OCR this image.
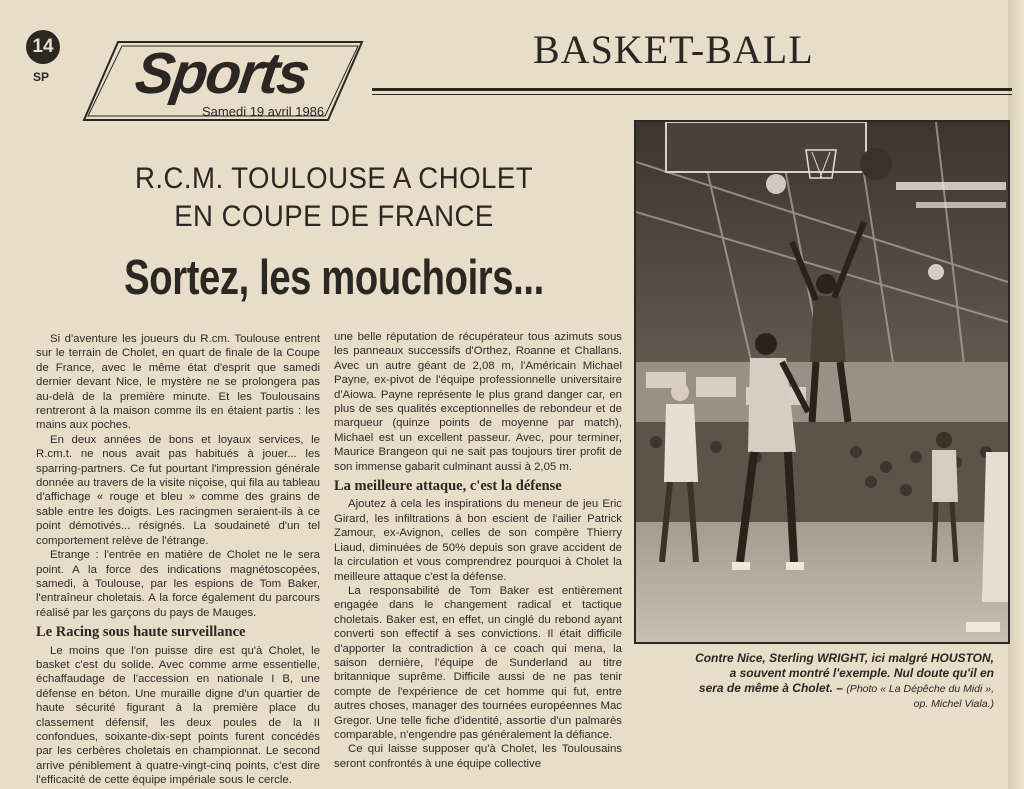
14
SP Sports
Samedi 19 avril 1986
BASKET-BALL
R.C.M. TOULOUSE A CHOLET
EN COUPE DE FRANCE
Sortez, les mouchoirs...

Si d'aventure les joueurs du R.cm. Toulouse entrent sur le terrain de Cholet, en quart de finale de la Coupe de France, avec le même état d'esprit que samedi dernier devant Nice, le mystère ne se prolongera pas au-delà de la première minute. Et les Toulousains rentreront à la maison comme ils en étaient partis : les mains aux poches.

En deux années de bons et loyaux services, le R.cm.t. ne nous avait pas habitués à jouer... les sparring-partners. Ce fut pourtant l'impression générale donnée au travers de la visite niçoise, qui fila au tableau d'affichage « rouge et bleu » comme des grains de sable entre les doigts. Les racingmen seraient-ils à ce point démotivés... résignés. La soudaineté d'un tel comportement relève de l'étrange.

Etrange : l'entrée en matière de Cholet ne le sera point. A la force des indications magnétoscopées, samedi, à Toulouse, par les espions de Tom Baker, l'entraîneur choletais. A la force également du parcours réalisé par les garçons du pays de Mauges.

Le Racing sous haute surveillance

Le moins que l'on puisse dire est qu'à Cholet, le basket c'est du solide. Avec comme arme essentielle, échaffaudage de l'accession en nationale I B, une défense en béton. Une muraille digne d'un quartier de haute sécurité figurant à la première place du classement défensif, les deux poules de la II confondues, soixante-dix-sept points furent concédés par les cerbères choletais en championnat. Le second arrive péniblement à quatre-vingt-cinq points, c'est dire l'efficacité de cette équipe impériale sous le cercle.

une belle réputation de récupérateur tous azimuts sous les panneaux successifs d'Orthez, Roanne et Challans. Avec un autre géant de 2,08 m, l'Américain Michael Payne, ex-pivot de l'équipe professionnelle universitaire d'Aiowa. Payne représente le plus grand danger car, en plus de ses qualités exceptionnelles de rebondeur et de marqueur (quinze points de moyenne par match), Michael est un excellent passeur. Avec, pour terminer, Maurice Brangeon qui ne sait pas toujours tirer profit de son immense gabarit culminant aussi à 2,05 m.

La meilleure attaque, c'est la défense

Ajoutez à cela les inspirations du meneur de jeu Eric Girard, les infiltrations à bon escient de l'ailier Patrick Zamour, ex-Avignon, celles de son compère Thierry Liaud, diminuées de 50% depuis son grave accident de la circulation et vous comprendrez pourquoi à Cholet la meilleure attaque c'est la défense.

La responsabilité de Tom Baker est entièrement engagée dans le changement radical et tactique choletais. Baker est, en effet, un cinglé du rebond ayant converti son effectif à ses convictions. Il était difficile d'apporter la contradiction à ce coach qui mena, la saison dernière, l'équipe de Sunderland au titre britannique suprême. Difficile aussi de ne pas tenir compte de l'expérience de cet homme qui fut, entre autres choses, manager des tournées européennes Mac Gregor. Une telle fiche d'identité, assortie d'un palmarès comparable, n'engendre pas généralement la défiance.

Ce qui laisse supposer qu'à Cholet, les Toulousains seront confrontés à une équipe collective

Contre Nice, Sterling WRIGHT, ici malgré HOUSTON,
a souvent montré l'exemple. Nul doute qu'il en
sera de même à Cholet. – (Photo « La Dépêche du Midi »,
op. Michel Viala.)
